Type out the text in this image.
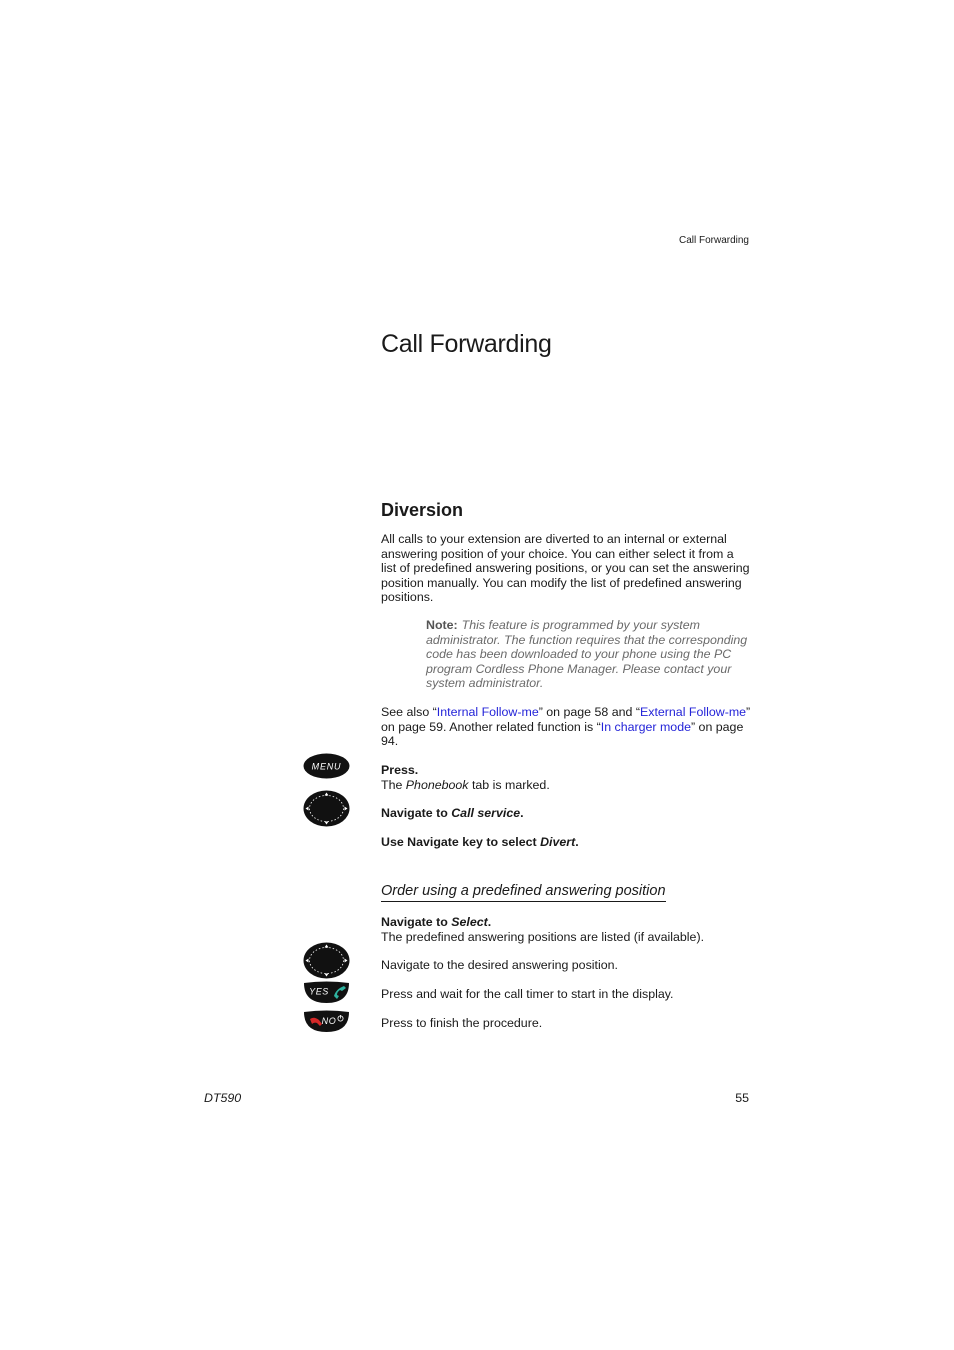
Call Forwarding
Call Forwarding
Diversion

All calls to your extension are diverted to an internal or external answering position of your choice. You can either select it from a list of predefined answering positions, or you can set the answering position manually. You can modify the list of predefined answering positions.

Note: This feature is programmed by your system administrator. The function requires that the corresponding code has been downloaded to your phone using the PC program Cordless Phone Manager. Please contact your system administrator.

See also “Internal Follow-me” on page 58 and “External Follow-me” on page 59. Another related function is “In charger mode” on page 94.

MENU	Press.
The Phonebook tab is marked.
Navigate to Call service.
Use Navigate key to select Divert.
Order using a predefined answering position
Navigate to Select.
The predefined answering positions are listed (if available).
Navigate to the desired answering position.
YES	Press and wait for the call timer to start in the display.
NO	Press to finish the procedure.
DT590	55
